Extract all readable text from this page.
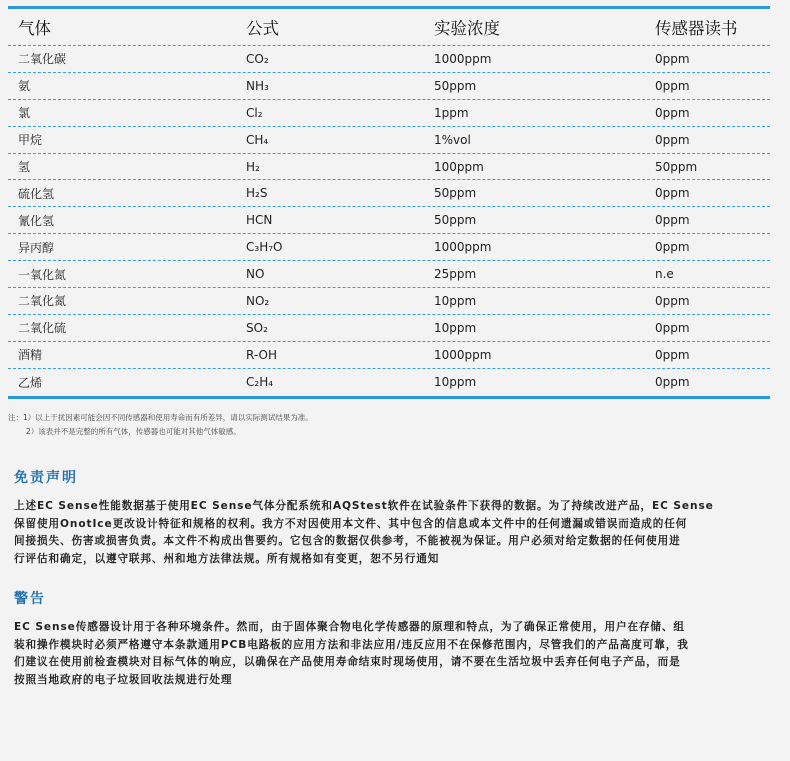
气体	公式	实验浓度	传感器读书
二氧化碳	CO₂	1000ppm	0ppm
氨	NH₃	50ppm	0ppm
氯	Cl₂	1ppm	0ppm
甲烷	CH₄	1%vol	0ppm
氢	H₂	100ppm	50ppm
硫化氢	H₂S	50ppm	0ppm
氰化氢	HCN	50ppm	0ppm
异丙醇	C₃H₇O	1000ppm	0ppm
一氧化氮	NO	25ppm	n.e
二氧化氮	NO₂	10ppm	0ppm
二氧化硫	SO₂	10ppm	0ppm
酒精	R-OH	1000ppm	0ppm
乙烯	C₂H₄	10ppm	0ppm
注：1）以上干扰因素可能会因不同传感器和使用寿命而有所差异，请以实际测试结果为准。
2）该表并不是完整的所有气体，传感器也可能对其他气体敏感。
免责声明

上述EC Sense性能数据基于使用EC Sense气体分配系统和AQStest软件在试验条件下获得的数据。为了持续改进产品，EC Sense

保留使用OnotIce更改设计特征和规格的权利。我方不对因使用本文件、其中包含的信息或本文件中的任何遗漏或错误而造成的任何

间接损失、伤害或损害负责。本文件不构成出售要约。它包含的数据仅供参考，不能被视为保证。用户必须对给定数据的任何使用进

行评估和确定，以遵守联邦、州和地方法律法规。所有规格如有变更，恕不另行通知

警告

EC Sense传感器设计用于各种环境条件。然而，由于固体聚合物电化学传感器的原理和特点，为了确保正常使用，用户在存储、组

装和操作模块时必须严格遵守本条款通用PCB电路板的应用方法和非法应用/违反应用不在保修范围内，尽管我们的产品高度可靠，我

们建议在使用前检查模块对目标气体的响应，以确保在产品使用寿命结束时现场使用，请不要在生活垃圾中丢弃任何电子产品，而是

按照当地政府的电子垃圾回收法规进行处理
